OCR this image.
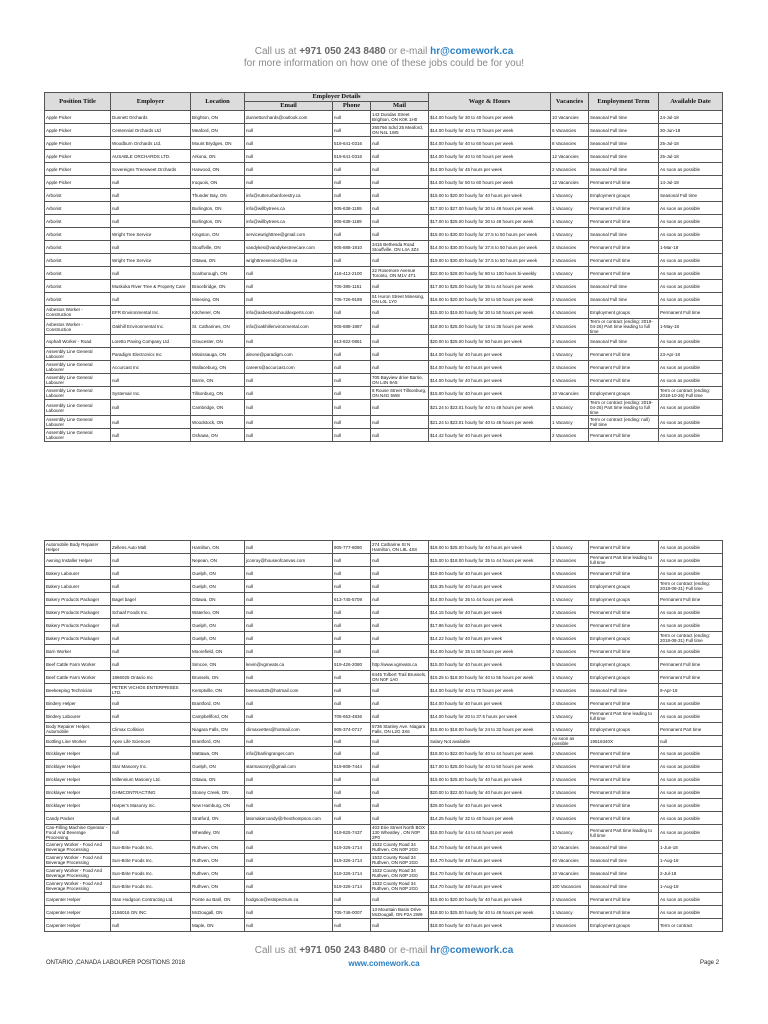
Call us at +971 050 243 8480 or e-mail hr@comework.ca
for more information on how one of these jobs could be for you!
Position Title	Employer	Location	Employer Details			Wage & Hours	Vacancies	Employment Term	Available Date
			Email	Phone	Mail				
Apple Picker	Dunnett Orchards	Brighton, ON	dunnettorchards@outlook.com	null	143 Dundas Street Brighton, ON K0K 1H0	$14.00 hourly for 30 to 40 hours per week	10 Vacancies	Seasonal Full time	24-Jul-18
Apple Picker	Centennial Orchards Ltd	Meaford, ON	null	null	265766 Sdrd 25 Meaford, ON N4L 1W5	$14.00 hourly for 40 to 70 hours per week	6 Vacancies	Seasonal Full time	30-Jun-18
Apple Picker	Woodburn Orchards Ltd.	Mount Brydges, ON	null	519-641-0316	null	$14.00 hourly for 40 to 60 hours per week	8 Vacancies	Seasonal Full time	25-Jul-18
Apple Picker	AUSABLE ORCHARDS LTD.	Arkona, ON	null	519-641-0316	null	$14.00 hourly for 40 to 60 hours per week	12 Vacancies	Seasonal Full time	25-Jul-18
Apple Picker	Sovereigns Treesweet Orchards	Harwood, ON	null	null	null	$14.00 hourly for 45 hours per week	2 Vacancies	Seasonal Full time	As soon as possible
Apple Picker	null	Iroquois, ON	null	null	null	$14.00 hourly for 50 to 60 hours per week	12 Vacancies	Permanent Full time	14-Jul-18
Arborist	null	Thunder Bay, ON	info@rutterurbanforestry.ca	null	null	$15.00 to $20.00 hourly for 40 hours per week	1 Vacancy	Employment groups	Seasonal Full time
Arborist	null	Burlington, ON	info@willbytrees.ca	905-638-1189	null	$17.00 to $27.00 hourly for 30 to 48 hours per week	1 Vacancy	Permanent Full time	As soon as possible
Arborist	null	Burlington, ON	info@willbytrees.ca	905-638-1189	null	$17.00 to $25.00 hourly for 30 to 48 hours per week	1 Vacancy	Permanent Full time	As soon as possible
Arborist	Wright Tree Service	Kingston, ON	servicewrighttree@gmail.com	null	null	$15.00 to $30.00 hourly for 37.5 to 50 hours per week	1 Vacancy	Seasonal Full time	As soon as possible
Arborist	null	Stouffville, ON	vandykes@vandykestreecare.com	905-888-1910	3415 Bethesda Road Stouffville, ON L4A 3Z4	$14.00 to $30.00 hourly for 37.5 to 50 hours per week	2 Vacancies	Permanent Full time	1-Mar-18
Arborist	Wright Tree Service	Ottawa, ON	wrighttreeservice@live.ca	null	null	$19.00 to $30.00 hourly for 37.5 to 50 hours per week	2 Vacancies	Permanent Full time	As soon as possible
Arborist	null	Scarborough, ON	null	416-412-2100	22 Rosemore Avenue Toronto, ON M1V 4T1	$22.00 to $28.00 hourly for 80 to 100 hours bi-weekly	1 Vacancy	Permanent Full time	As soon as possible
Arborist	Muskoka River Tree & Property Care	Bracebridge, ON	null	705-385-1161	null	$17.00 to $25.00 hourly for 35 to 44 hours per week	2 Vacancies	Seasonal Full time	As soon as possible
Arborist	null	Minesing, ON	null	705-726-9189	51 Huron Street Minesing, ON L0L 1Y0	$16.00 to $20.00 hourly for 30 to 50 hours per week	2 Vacancies	Seasonal Full time	As soon as possible
Asbestos Worker - Construction	EFR Environmental Inc.	Kitchener, ON	info@asbestosshouldexperts.com	null	null	$15.00 to $19.00 hourly for 30 to 50 hours per week	4 Vacancies	Employment groups	Permanent Full time
Asbestos Worker - Construction	Oakhill Environmental Inc.	St. Catharines, ON	info@oakhillenvironmental.com	905-688-1887	null	$18.00 to $25.00 hourly for 18 to 35 hours per week	3 Vacancies	Term or contract (ending: 2019-04-26) Part time leading to full time	1-May-18
Asphalt Worker - Road	Loretto Paving Company Ltd	Gloucester, ON	null	613-822-0851	null	$20.00 to $25.00 hourly for 50 hours per week	2 Vacancies	Seasonal Full time	As soon as possible
Assembly Line General Labourer	Paradigm Electronics Inc	Mississauga, ON	aleone@paradigm.com	null	null	$14.00 hourly for 40 hours per week	1 Vacancy	Permanent Full time	23-Apr-18
Assembly Line General Labourer	Accurcast Inc	Wallaceburg, ON	careers@accurcast.com	null	null	$14.00 hourly for 40 hours per week	2 Vacancies	Permanent Full time	As soon as possible
Assembly Line General Labourer	null	Barrie, ON	null	null	705 Bayview drive Barrie, ON L4N 9A5	$14.00 hourly for 40 hours per week	4 Vacancies	Permanent Full time	As soon as possible
Assembly Line General Labourer	Systemair Inc.	Tillsonburg, ON	null	null	8 Rouse Street Tillsonburg, ON N4G 5W8	$15.00 hourly for 40 hours per week	10 Vacancies	Employment groups	Term or contract (ending: 2018-10-26) Full time
Assembly Line General Labourer	null	Cambridge, ON	null	null	null	$21.24 to $23.01 hourly for 40 to 48 hours per week	1 Vacancy	Term or contract (ending: 2019-04-26) Part time leading to full time	As soon as possible
Assembly Line General Labourer	null	Woodstock, ON	null	null	null	$21.24 to $23.01 hourly for 40 to 48 hours per week	1 Vacancy	Term or contract (ending: null) Full time	As soon as possible
Assembly Line General Labourer	null	Oshawa, ON	null	null	null	$14.42 hourly for 40 hours per week	2 Vacancies	Permanent Full time	As soon as possible
Automobile Body Repairer Helper	Zellens Auto Mall	Hamilton, ON	null	905-777-8080	274 Catharine St N Hamilton, ON L8L 4S8	$18.00 to $25.00 hourly for 40 hours per week	1 Vacancy	Permanent Full time	As soon as possible
Awning Installer Helper	null	Nepean, ON	jconroy@houseofcanvas.com	null	null	$15.00 to $18.00 hourly for 35 to 44 hours per week	2 Vacancies	Permanent Part time leading to full time	As soon as possible
Bakery Labourer	null	Guelph, ON	null	null	null	$19.00 hourly for 40 hours per week	6 Vacancies	Permanent Full time	As soon as possible
Bakery Labourer	null	Guelph, ON	null	null	null	$15.35 hourly for 40 hours per week	3 Vacancies	Employment groups	Term or contract (ending: 2018-08-31) Full time
Bakery Products Packager	Bagel bagel	Ottawa, ON	null	613-745-5709	null	$14.00 hourly for 35 to 44 hours per week	1 Vacancy	Employment groups	Permanent Full time
Bakery Products Packager	Schaaf Foods Inc.	Waterloo, ON	null	null	null	$14.15 hourly for 40 hours per week	2 Vacancies	Permanent Full time	As soon as possible
Bakery Products Packager	null	Guelph, ON	null	null	null	$17.86 hourly for 40 hours per week	2 Vacancies	Permanent Full time	As soon as possible
Bakery Products Packager	null	Guelph, ON	null	null	null	$14.22 hourly for 40 hours per week	6 Vacancies	Employment groups	Term or contract (ending: 2018-08-31) Full time
Barn Worker	null	Moorefield, ON	null	null	null	$14.00 hourly for 35 to 50 hours per week	2 Vacancies	Permanent Full time	As soon as possible
Beef Cattle Farm Worker	null	Simcoe, ON	kevin@vgmeats.ca	519-426-2080	http://www.vgmeats.ca	$15.00 hourly for 40 hours per week	5 Vacancies	Employment groups	Permanent Full time
Beef Cattle Farm Worker	1866025 Ontario Inc	Brussels, ON	null	null	8445 Tolbert Trail Brussels, ON N0F 1A0	$15.25 to $18.00 hourly for 40 to 55 hours per week	1 Vacancy	Employment groups	Permanent Full time
Beekeeping Technician	PETER VICHOS ENTERPRISES LTD.	Kemptville, ON	beemax525@hotmail.com	null	null	$14.00 hourly for 40 to 70 hours per week	3 Vacancies	Seasonal Full time	9-Apr-18
Bindery Helper	null	Brantford, ON	null	null	null	$14.00 hourly for 40 hours per week	2 Vacancies	Permanent Full time	As soon as possible
Bindery Labourer	null	Campbellford, ON	null	705-653-4836	null	$14.00 hourly for 20 to 37.5 hours per week	1 Vacancy	Permanent Part time leading to full time	As soon as possible
Body Repairer Helper, Automobile	Climax Collision	Niagara Falls, ON	climaxvettes@hotmail.com	905-374-0717	5736 Stanley Ave. Niagara Falls, ON L2G 3X6	$15.00 to $18.00 hourly for 24 to 32 hours per week	1 Vacancy	Employment groups	Permanent Part time
Bottling Line Worker	Apex Life Sciences	Brantford, ON	null	null	null	Salary Not available	As soon as possible	19516340X	null
Bricklayer Helper	null	Mattawa, ON	info@barlingranger.com	null	null	$18.00 to $22.00 hourly for 40 to 44 hours per week	2 Vacancies	Permanent Full time	As soon as possible
Bricklayer Helper	Star Masonry Inc.	Guelph, ON	starmasonry@gmail.com	519-808-7444	null	$17.00 to $25.00 hourly for 40 to 50 hours per week	2 Vacancies	Permanent Full time	As soon as possible
Bricklayer Helper	Millennium Masonry Ltd.	Ottawa, ON	null	null	null	$15.00 to $25.00 hourly for 40 hours per week	2 Vacancies	Permanent Full time	As soon as possible
Bricklayer Helper	GHMCONTRACTING	Stoney Creek, ON	null	null	null	$20.00 to $22.00 hourly for 40 hours per week	2 Vacancies	Permanent Full time	As soon as possible
Bricklayer Helper	Harper's Masonry Inc.	New Hamburg, ON	null	null	null	$25.00 hourly for 40 hours per week	2 Vacancies	Permanent Full time	As soon as possible
Candy Packer	null	Stratford, ON	latomakercandy@rheothompson.com	null	null	$14.25 hourly for 32 to 40 hours per week	2 Vacancies	Permanent Full time	As soon as possible
Can-Filling Machine Operator - Food And Beverage Processing	null	Wheatley, ON	null	519-825-7437	403 Erie Street North BOX 130 Wheatley , ON N0P 2P0	$16.00 hourly for 44 to 60 hours per week	1 Vacancy	Permanent Part time leading to full time	As soon as possible
Cannery Worker - Food And Beverage Processing	Sun-Brite Foods Inc.	Ruthven, ON	null	519-326-1714	1532 County Road 34 Ruthven, ON N0P 2G0	$14.70 hourly for 48 hours per week	10 Vacancies	Seasonal Full time	1-Jun-18
Cannery Worker - Food And Beverage Processing	Sun-Brite Foods Inc.	Ruthven, ON	null	519-326-1714	1532 County Road 34 Ruthven, ON N0P 2G0	$14.70 hourly for 48 hours per week	40 Vacancies	Seasonal Full time	1-Aug-18
Cannery Worker - Food And Beverage Processing	Sun-Brite Foods Inc.	Ruthven, ON	null	519-326-1714	1532 County Road 34 Ruthven, ON N0P 2G0	$14.70 hourly for 48 hours per week	10 Vacancies	Seasonal Full time	2-Jul-18
Cannery Worker - Food And Beverage Processing	Sun-Brite Foods Inc.	Ruthven, ON	null	519-326-1714	1532 County Road 34 Ruthven, ON N0P 2G0	$14.70 hourly for 48 hours per week	100 Vacancies	Seasonal Full time	1-Aug-18
Carpenter Helper	Stan Hodgson Contracting Ltd.	Pointe au Baril, ON	hodgson@estspectrum.ca	null	null	$15.00 to $20.00 hourly for 40 hours per week	2 Vacancies	Permanent Full time	As soon as possible
Carpenter Helper	2156016 ON INC	McDougall, ON	null	705-746-0007	13 Mountain Basin Drive McDougall, ON P2A 2W9	$18.00 to $25.00 hourly for 40 to 48 hours per week	1 Vacancy	Permanent Full time	As soon as possible
Carpenter Helper	null	Maple, ON	null	null	null	$18.00 hourly for 40 hours per week	2 Vacancies	Employment groups	Term or contract
Call us at +971 050 243 8480 or e-mail hr@comework.ca
ONTARIO ,CANADA LABOURER POSITIONS 2018	www.comework.ca	Page 2
